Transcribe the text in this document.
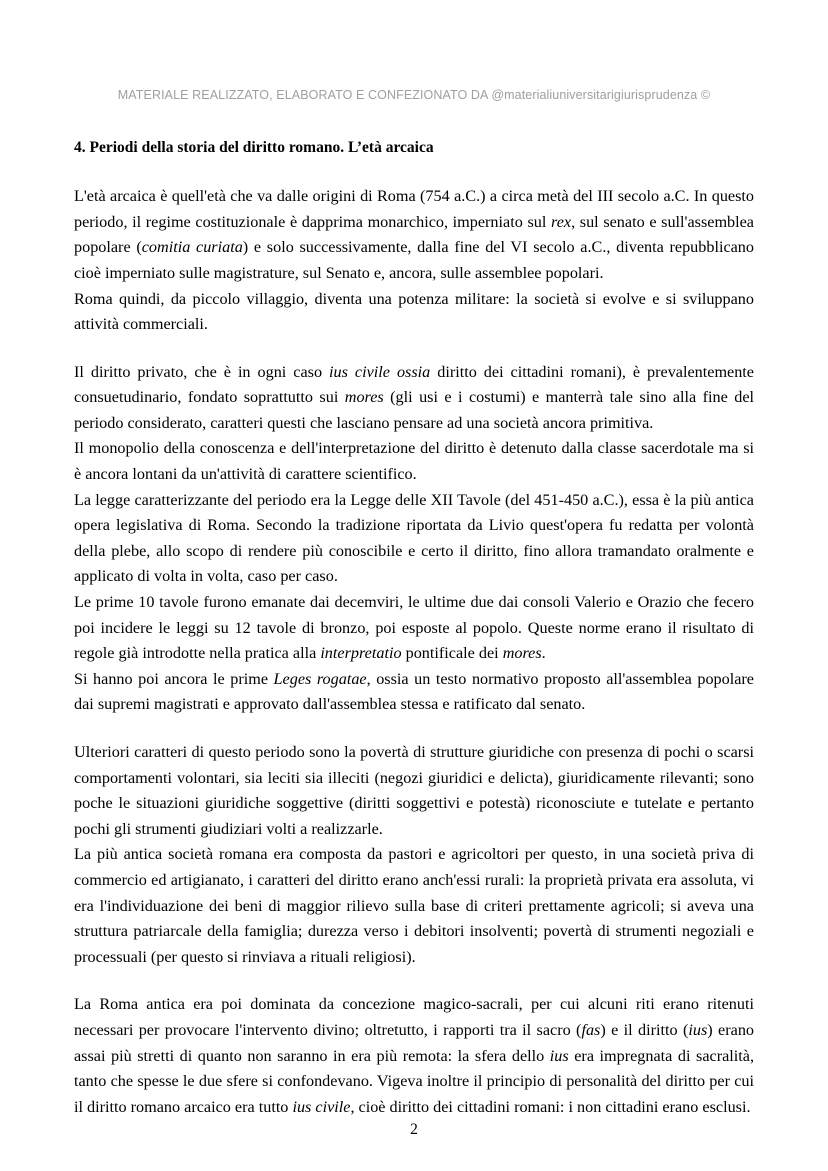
MATERIALE REALIZZATO, ELABORATO E CONFEZIONATO DA @materialiuniversitarigiurisprudenza ©
4. Periodi della storia del diritto romano. L’età arcaica

L'età arcaica è quell'età che va dalle origini di Roma (754 a.C.) a circa metà del III secolo a.C. In questo periodo, il regime costituzionale è dapprima monarchico, imperniato sul rex, sul senato e sull'assemblea popolare (comitia curiata) e solo successivamente, dalla fine del VI secolo a.C., diventa repubblicano cioè imperniato sulle magistrature, sul Senato e, ancora, sulle assemblee popolari.

Roma quindi, da piccolo villaggio, diventa una potenza militare: la società si evolve e si sviluppano attività commerciali.

Il diritto privato, che è in ogni caso ius civile ossia diritto dei cittadini romani), è prevalentemente consuetudinario, fondato soprattutto sui mores (gli usi e i costumi) e manterrà tale sino alla fine del periodo considerato, caratteri questi che lasciano pensare ad una società ancora primitiva.

Il monopolio della conoscenza e dell'interpretazione del diritto è detenuto dalla classe sacerdotale ma si è ancora lontani da un'attività di carattere scientifico.

La legge caratterizzante del periodo era la Legge delle XII Tavole (del 451-450 a.C.), essa è la più antica opera legislativa di Roma. Secondo la tradizione riportata da Livio quest'opera fu redatta per volontà della plebe, allo scopo di rendere più conoscibile e certo il diritto, fino allora tramandato oralmente e applicato di volta in volta, caso per caso.

Le prime 10 tavole furono emanate dai decemviri, le ultime due dai consoli Valerio e Orazio che fecero poi incidere le leggi su 12 tavole di bronzo, poi esposte al popolo. Queste norme erano il risultato di regole già introdotte nella pratica alla interpretatio pontificale dei mores.

Si hanno poi ancora le prime Leges rogatae, ossia un testo normativo proposto all'assemblea popolare dai supremi magistrati e approvato dall'assemblea stessa e ratificato dal senato.

Ulteriori caratteri di questo periodo sono la povertà di strutture giuridiche con presenza di pochi o scarsi comportamenti volontari, sia leciti sia illeciti (negozi giuridici e delicta), giuridicamente rilevanti; sono poche le situazioni giuridiche soggettive (diritti soggettivi e potestà) riconosciute e tutelate e pertanto pochi gli strumenti giudiziari volti a realizzarle.

La più antica società romana era composta da pastori e agricoltori per questo, in una società priva di commercio ed artigianato, i caratteri del diritto erano anch'essi rurali: la proprietà privata era assoluta, vi era l'individuazione dei beni di maggior rilievo sulla base di criteri prettamente agricoli; si aveva una struttura patriarcale della famiglia; durezza verso i debitori insolventi; povertà di strumenti negoziali e processuali (per questo si rinviava a rituali religiosi).

La Roma antica era poi dominata da concezione magico-sacrali, per cui alcuni riti erano ritenuti necessari per provocare l'intervento divino; oltretutto, i rapporti tra il sacro (fas) e il diritto (ius) erano assai più stretti di quanto non saranno in era più remota: la sfera dello ius era impregnata di sacralità, tanto che spesse le due sfere si confondevano. Vigeva inoltre il principio di personalità del diritto per cui il diritto romano arcaico era tutto ius civile, cioè diritto dei cittadini romani: i non cittadini erano esclusi.

2
